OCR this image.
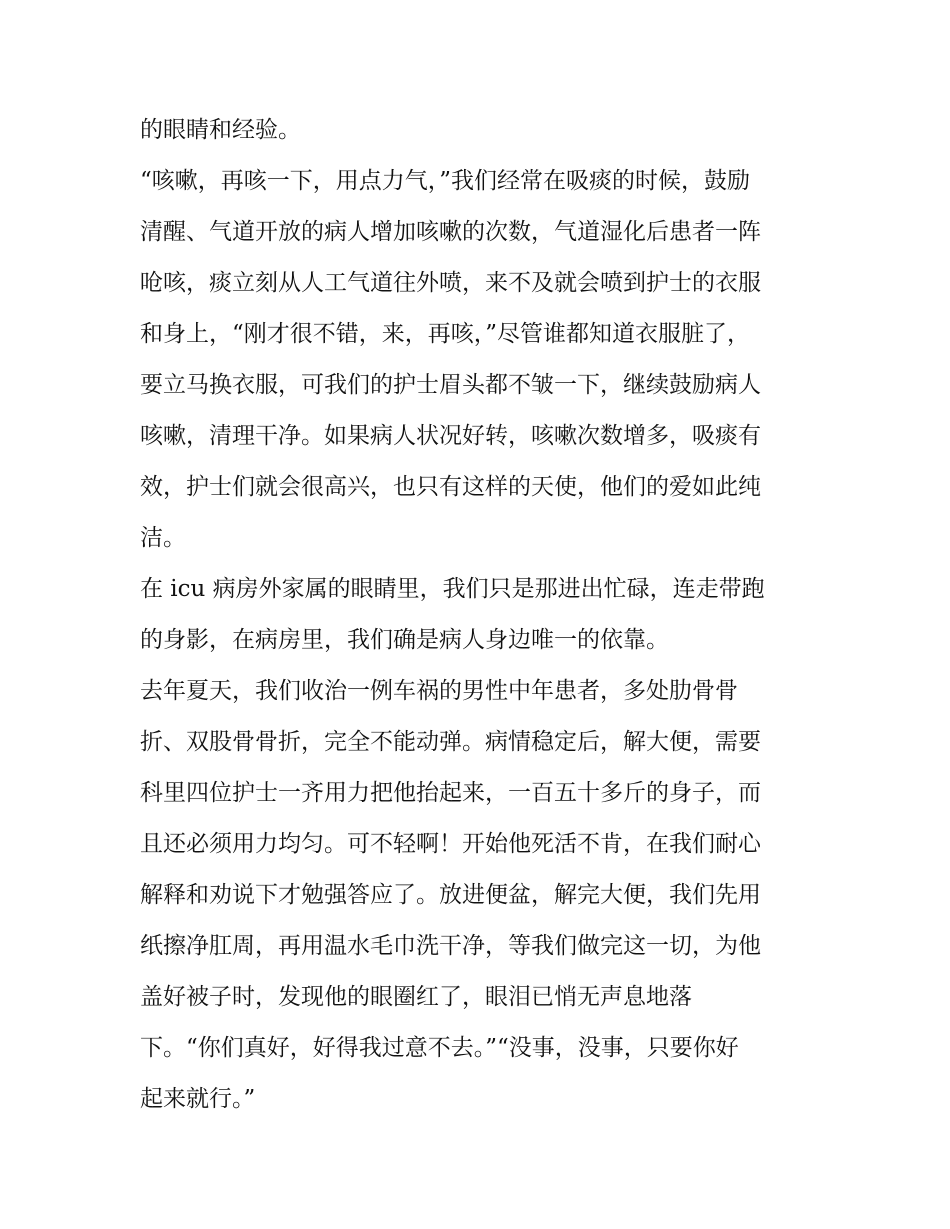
的眼睛和经验。
“咳嗽，再咳一下，用点力气，”我们经常在吸痰的时候，鼓励
清醒、气道开放的病人增加咳嗽的次数，气道湿化后患者一阵
呛咳，痰立刻从人工气道往外喷，来不及就会喷到护士的衣服
和身上，“刚才很不错，来，再咳，”尽管谁都知道衣服脏了，
要立马换衣服，可我们的护士眉头都不皱一下，继续鼓励病人
咳嗽，清理干净。如果病人状况好转，咳嗽次数增多，吸痰有
效，护士们就会很高兴，也只有这样的天使，他们的爱如此纯
洁。
在 icu 病房外家属的眼睛里，我们只是那进出忙碌，连走带跑
的身影，在病房里，我们确是病人身边唯一的依靠。
去年夏天，我们收治一例车祸的男性中年患者，多处肋骨骨
折、双股骨骨折，完全不能动弹。病情稳定后，解大便，需要
科里四位护士一齐用力把他抬起来，一百五十多斤的身子，而
且还必须用力均匀。可不轻啊！开始他死活不肯，在我们耐心
解释和劝说下才勉强答应了。放进便盆，解完大便，我们先用
纸擦净肛周，再用温水毛巾洗干净，等我们做完这一切，为他
盖好被子时，发现他的眼圈红了，眼泪已悄无声息地落
下。“你们真好，好得我过意不去。”“没事，没事，只要你好
起来就行。”
